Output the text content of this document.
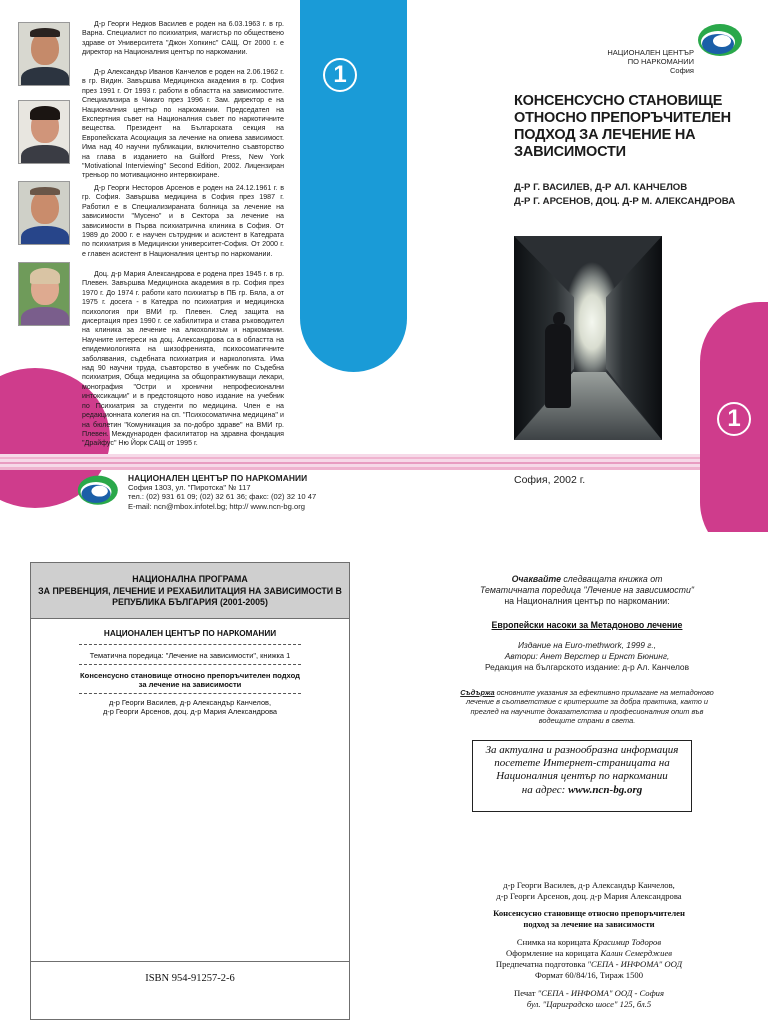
Д-р Георги Недков Василев е роден на 6.03.1963 г. в гр. Варна. Специалист по психиатрия, магистър по обществено здраве от Университета "Джон Хопкинс" САЩ. От 2000 г. е директор на Националния център по наркомании.

Д-р Александър Иванов Канчелов е роден на 2.06.1962 г. в гр. Видин. Завършва Медицинска академия в гр. София през 1991 г. От 1993 г. работи в областта на зависимостите. Специализира в Чикаго през 1996 г. Зам. директор е на Националния център по наркомании. Председател на Експертния съвет на Националния съвет по наркотичните вещества. Президент на Българската секция на Европейската Асоциация за лечение на опиева зависимост. Има над 40 научни публикации, включително съавторство на глава в изданието на Guilford Press, New York "Motivational Interviewing" Second Edition, 2002. Лицензиран треньор по мотивационно интервюиране.

Д-р Георги Несторов Арсенов е роден на 24.12.1961 г. в гр. София. Завършва медицина в София през 1987 г. Работил е в Специализираната болница за лечение на зависимости "Мусено" и в Сектора за лечение на зависимости в Първа психиатрична клиника в София. От 1989 до 2000 г. е научен сътрудник и асистент в Катедрата по психиатрия в Медицински университет-София. От 2000 г. е главен асистент в Националния център по наркомании.

Доц. д-р Мария Александрова е родена през 1945 г. в гр. Плевен. Завършва Медицинска академия в гр. София през 1970 г. До 1974 г. работи като психиатър в ПБ гр. Бяла, а от 1975 г. досега - в Катедра по психиатрия и медицинска психология при ВМИ гр. Плевен. След защита на дисертация през 1990 г. се хабилитира и става ръководител на клиника за лечение на алкохолизъм и наркомании. Научните интереси на доц. Александрова са в областта на епидемиологията на шизофренията, психосоматичните заболявания, съдебната психиатрия и наркологията. Има над 90 научни труда, съавторство в учебник по Съдебна психиатрия, Обща медицина за общопрактикуващи лекари, монография "Остри и хронични непрофесионални интоксикации" и в предстоящото ново издание на учебник по Психиатрия за студенти по медицина. Член е на редакционната колегия на сп. "Психосоматична медицина" и на бюлетин "Комуникация за по-добро здраве" на ВМИ гр. Плевен. Международен фасилитатор на здравна фондация "Драйфус" Ню Йорк САЩ от 1995 г.

1
ТЕМАТИЧНА ПОРЕДИЦА: Лечение на зависимости
НАЦИОНАЛЕН ЦЕНТЪР
ПО НАРКОМАНИИ
София
КОНСЕНСУСНО СТАНОВИЩЕ
ОТНОСНО ПРЕПОРЪЧИТЕЛЕН
ПОДХОД ЗА ЛЕЧЕНИЕ НА
ЗАВИСИМОСТИ
Д-Р Г. ВАСИЛЕВ, Д-Р АЛ. КАНЧЕЛОВ
Д-Р Г. АРСЕНОВ, ДОЦ. Д-Р М. АЛЕКСАНДРОВА
1
София, 2002 г.
НАЦИОНАЛЕН ЦЕНТЪР ПО НАРКОМАНИИ
София 1303, ул. "Пиротска" № 117
тел.: (02) 931 61 09; (02) 32 61 36; факс: (02) 32 10 47
E-mail: ncn@mbox.infotel.bg; http:// www.ncn-bg.org
НАЦИОНАЛНА ПРОГРАМА
ЗА ПРЕВЕНЦИЯ, ЛЕЧЕНИЕ И РЕХАБИЛИТАЦИЯ НА ЗАВИСИМОСТИ В
РЕПУБЛИКА БЪЛГАРИЯ (2001-2005)
НАЦИОНАЛЕН ЦЕНТЪР ПО НАРКОМАНИИ
Тематична поредица: "Лечение на зависимости", книжка 1
Консенсусно становище относно препоръчителен подход
за лечение на зависимости
д-р Георги Василев, д-р Александър Канчелов,
д-р Георги Арсенов, доц. д-р Мария Александрова
ISBN 954-91257-2-6
Очаквайте следващата книжка от
Тематичната поредица "Лечение на зависимости"
на Националния център по наркомании:
Европейски насоки за Метадоново лечение
Издание на Euro-methwork, 1999 г.,
Автори: Анет Верстер и Ернст Бюнинг,
Редакция на българското издание: д-р Ал. Канчелов
Съдържа основните указания за ефективно прилагане на метадоново лечение в съответствие с критериите за добра практика, както и преглед на научните доказателства и професионалния опит във водещите страни в света.
За актуална и разнообразна информация
посетете Интернет-страницата на
Националния център по наркомании
на адрес: www.ncn-bg.org
д-р Георги Василев, д-р Александър Канчелов,
д-р Георги Арсенов, доц. д-р Мария Александрова
Консенсусно становище относно препоръчителен
подход за лечение на зависимости
Снимка на корицата Красимир Тодоров
Оформление на корицата Калин Семерджиев
Предпечатна подготовка "СЕПА - ИНФОМА" ООД
Формат 60/84/16, Тираж 1500
Печат "СЕПА - ИНФОМА" ООД - София
бул. "Цариградско шосе" 125, бл.5
